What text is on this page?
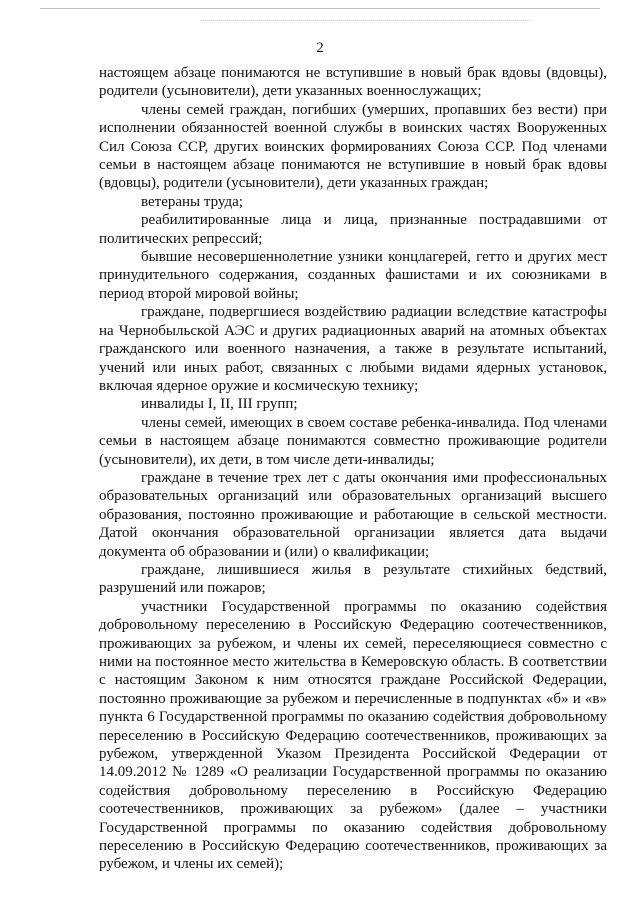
2

настоящем абзаце понимаются не вступившие в новый брак вдовы (вдовцы), родители (усыновители), дети указанных военнослужащих;

члены семей граждан, погибших (умерших, пропавших без вести) при исполнении обязанностей военной службы в воинских частях Вооруженных Сил Союза ССР, других воинских формированиях Союза ССР. Под членами семьи в настоящем абзаце понимаются не вступившие в новый брак вдовы (вдовцы), родители (усыновители), дети указанных граждан;

ветераны труда;

реабилитированные лица и лица, признанные пострадавшими от политических репрессий;

бывшие несовершеннолетние узники концлагерей, гетто и других мест принудительного содержания, созданных фашистами и их союзниками в период второй мировой войны;

граждане, подвергшиеся воздействию радиации вследствие катастрофы на Чернобыльской АЭС и других радиационных аварий на атомных объектах гражданского или военного назначения, а также в результате испытаний, учений или иных работ, связанных с любыми видами ядерных установок, включая ядерное оружие и космическую технику;

инвалиды I, II, III групп;

члены семей, имеющих в своем составе ребенка-инвалида. Под членами семьи в настоящем абзаце понимаются совместно проживающие родители (усыновители), их дети, в том числе дети-инвалиды;

граждане в течение трех лет с даты окончания ими профессиональных образовательных организаций или образовательных организаций высшего образования, постоянно проживающие и работающие в сельской местности. Датой окончания образовательной организации является дата выдачи документа об образовании и (или) о квалификации;

граждане, лишившиеся жилья в результате стихийных бедствий, разрушений или пожаров;

участники Государственной программы по оказанию содействия добровольному переселению в Российскую Федерацию соотечественников, проживающих за рубежом, и члены их семей, переселяющиеся совместно с ними на постоянное место жительства в Кемеровскую область. В соответствии с настоящим Законом к ним относятся граждане Российской Федерации, постоянно проживающие за рубежом и перечисленные в подпунктах «б» и «в» пункта 6 Государственной программы по оказанию содействия добровольному переселению в Российскую Федерацию соотечественников, проживающих за рубежом, утвержденной Указом Президента Российской Федерации от 14.09.2012 № 1289 «О реализации Государственной программы по оказанию содействия добровольному переселению в Российскую Федерацию соотечественников, проживающих за рубежом» (далее – участники Государственной программы по оказанию содействия добровольному переселению в Российскую Федерацию соотечественников, проживающих за рубежом, и члены их семей);
